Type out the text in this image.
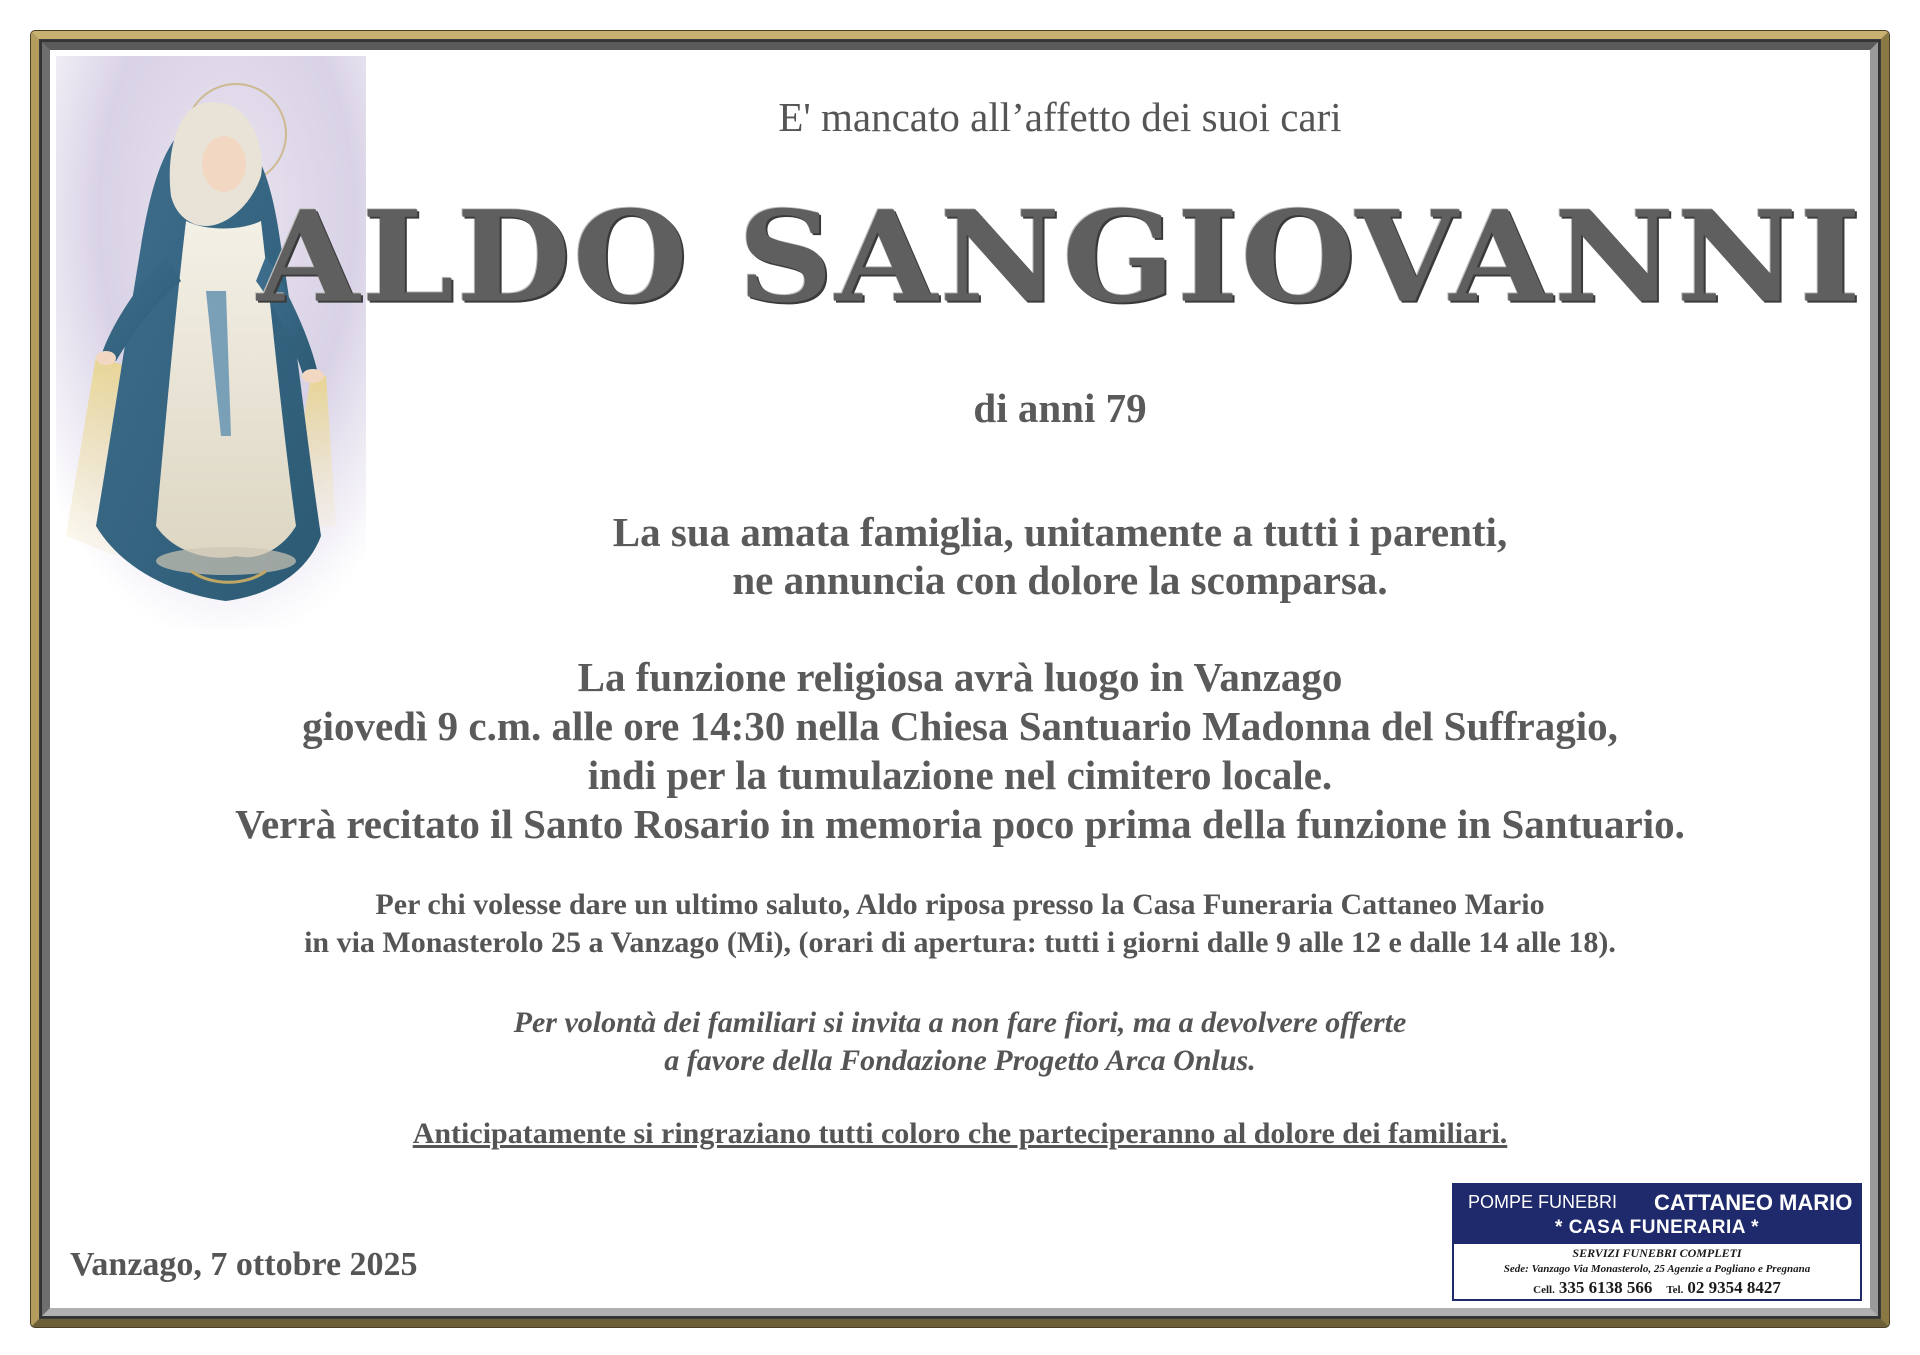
E' mancato all’affetto dei suoi cari
ALDO SANGIOVANNI
di anni 79
La sua amata famiglia, unitamente a tutti i parenti,
ne annuncia con dolore la scomparsa.
La funzione religiosa avrà luogo in Vanzago
giovedì 9 c.m. alle ore 14:30 nella Chiesa Santuario Madonna del Suffragio,
indi per la tumulazione nel cimitero locale.
Verrà recitato il Santo Rosario in memoria poco prima della funzione in Santuario.
Per chi volesse dare un ultimo saluto, Aldo riposa presso la Casa Funeraria Cattaneo Mario
in via Monasterolo 25 a Vanzago (Mi), (orari di apertura: tutti i giorni dalle 9 alle 12 e dalle 14 alle 18).
Per volontà dei familiari si invita a non fare fiori, ma a devolvere offerte
a favore della Fondazione Progetto Arca Onlus.
Anticipatamente si ringraziano tutti coloro che parteciperanno al dolore dei familiari.
Vanzago, 7 ottobre 2025
POMPE FUNEBRI CATTANEO MARIO
* CASA FUNERARIA *
SERVIZI FUNEBRI COMPLETI
Sede: Vanzago Via Monasterolo, 25 Agenzie a Pogliano e Pregnana
Cell. 335 6138 566 Tel. 02 9354 8427
